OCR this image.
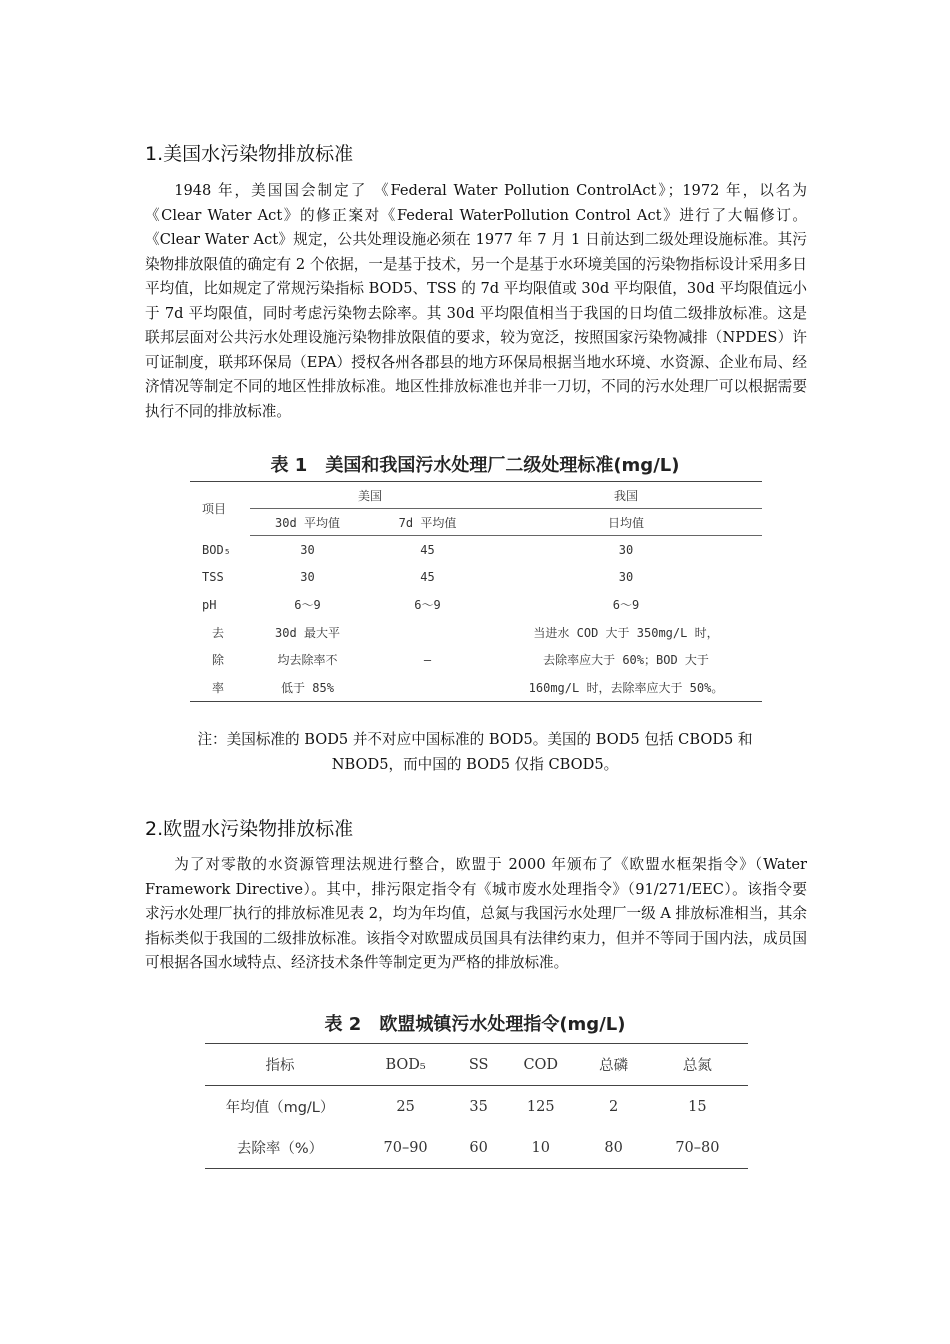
1.美国水污染物排放标准

1948 年，美国国会制定了 《Federal Water Pollution ControlAct》；1972 年，以名为《Clear Water Act》的修正案对《Federal WaterPollution Control Act》进行了大幅修订。《Clear Water Act》规定，公共处理设施必须在 1977 年 7 月 1 日前达到二级处理设施标准。其污染物排放限值的确定有 2 个依据，一是基于技术，另一个是基于水环境美国的污染物指标设计采用多日平均值，比如规定了常规污染指标 BOD5、TSS 的 7d 平均限值或 30d 平均限值，30d 平均限值远小于 7d 平均限值，同时考虑污染物去除率。其 30d 平均限值相当于我国的日均值二级排放标准。这是联邦层面对公共污水处理设施污染物排放限值的要求，较为宽泛，按照国家污染物减排（NPDES）许可证制度，联邦环保局（EPA）授权各州各郡县的地方环保局根据当地水环境、水资源、企业布局、经济情况等制定不同的地区性排放标准。地区性排放标准也并非一刀切，不同的污水处理厂可以根据需要执行不同的排放标准。

表 1　美国和我国污水处理厂二级处理标准(mg/L)
项目	美国		我国
	30d 平均值	7d 平均值	日均值
BOD₅	30	45	30
TSS	30	45	30
pH	6～9	6～9	6～9
去	30d 最大平	–	当进水 COD 大于 350mg/L 时，
除	均去除率不		去除率应大于 60%；BOD 大于
率	低于 85%		160mg/L 时，去除率应大于 50%。
注：美国标准的 BOD5 并不对应中国标准的 BOD5。美国的 BOD5 包括 CBOD5 和
NBOD5，而中国的 BOD5 仅指 CBOD5。
2.欧盟水污染物排放标准

为了对零散的水资源管理法规进行整合，欧盟于 2000 年颁布了《欧盟水框架指令》（Water Framework Directive）。其中，排污限定指令有《城市废水处理指令》（91/271/EEC）。该指令要求污水处理厂执行的排放标准见表 2，均为年均值，总氮与我国污水处理厂一级 A 排放标准相当，其余指标类似于我国的二级排放标准。该指令对欧盟成员国具有法律约束力，但并不等同于国内法，成员国可根据各国水域特点、经济技术条件等制定更为严格的排放标准。

表 2　欧盟城镇污水处理指令(mg/L)
指标	BOD₅	SS	COD	总磷	总氮
年均值（mg/L）	25	35	125	2	15
去除率（%）	70–90	60	10	80	70–80
